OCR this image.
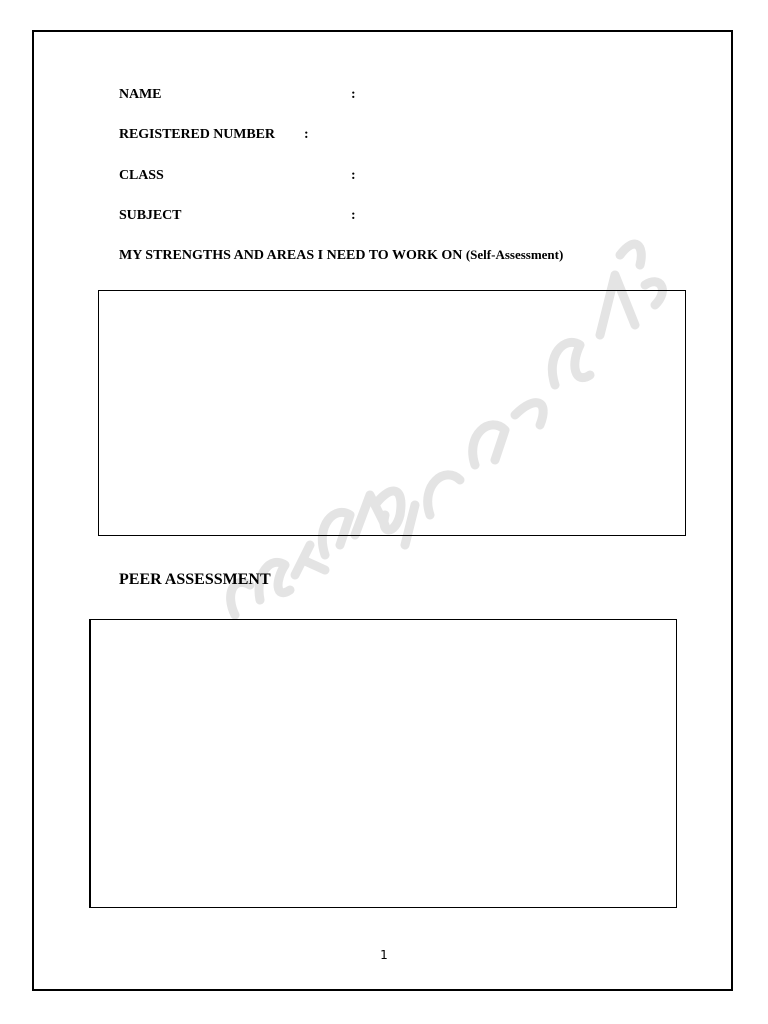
NAME	:
REGISTERED NUMBER :
CLASS	:
SUBJECT	:
MY STRENGTHS AND AREAS I NEED TO WORK ON (Self-Assessment)
PEER ASSESSMENT
1
